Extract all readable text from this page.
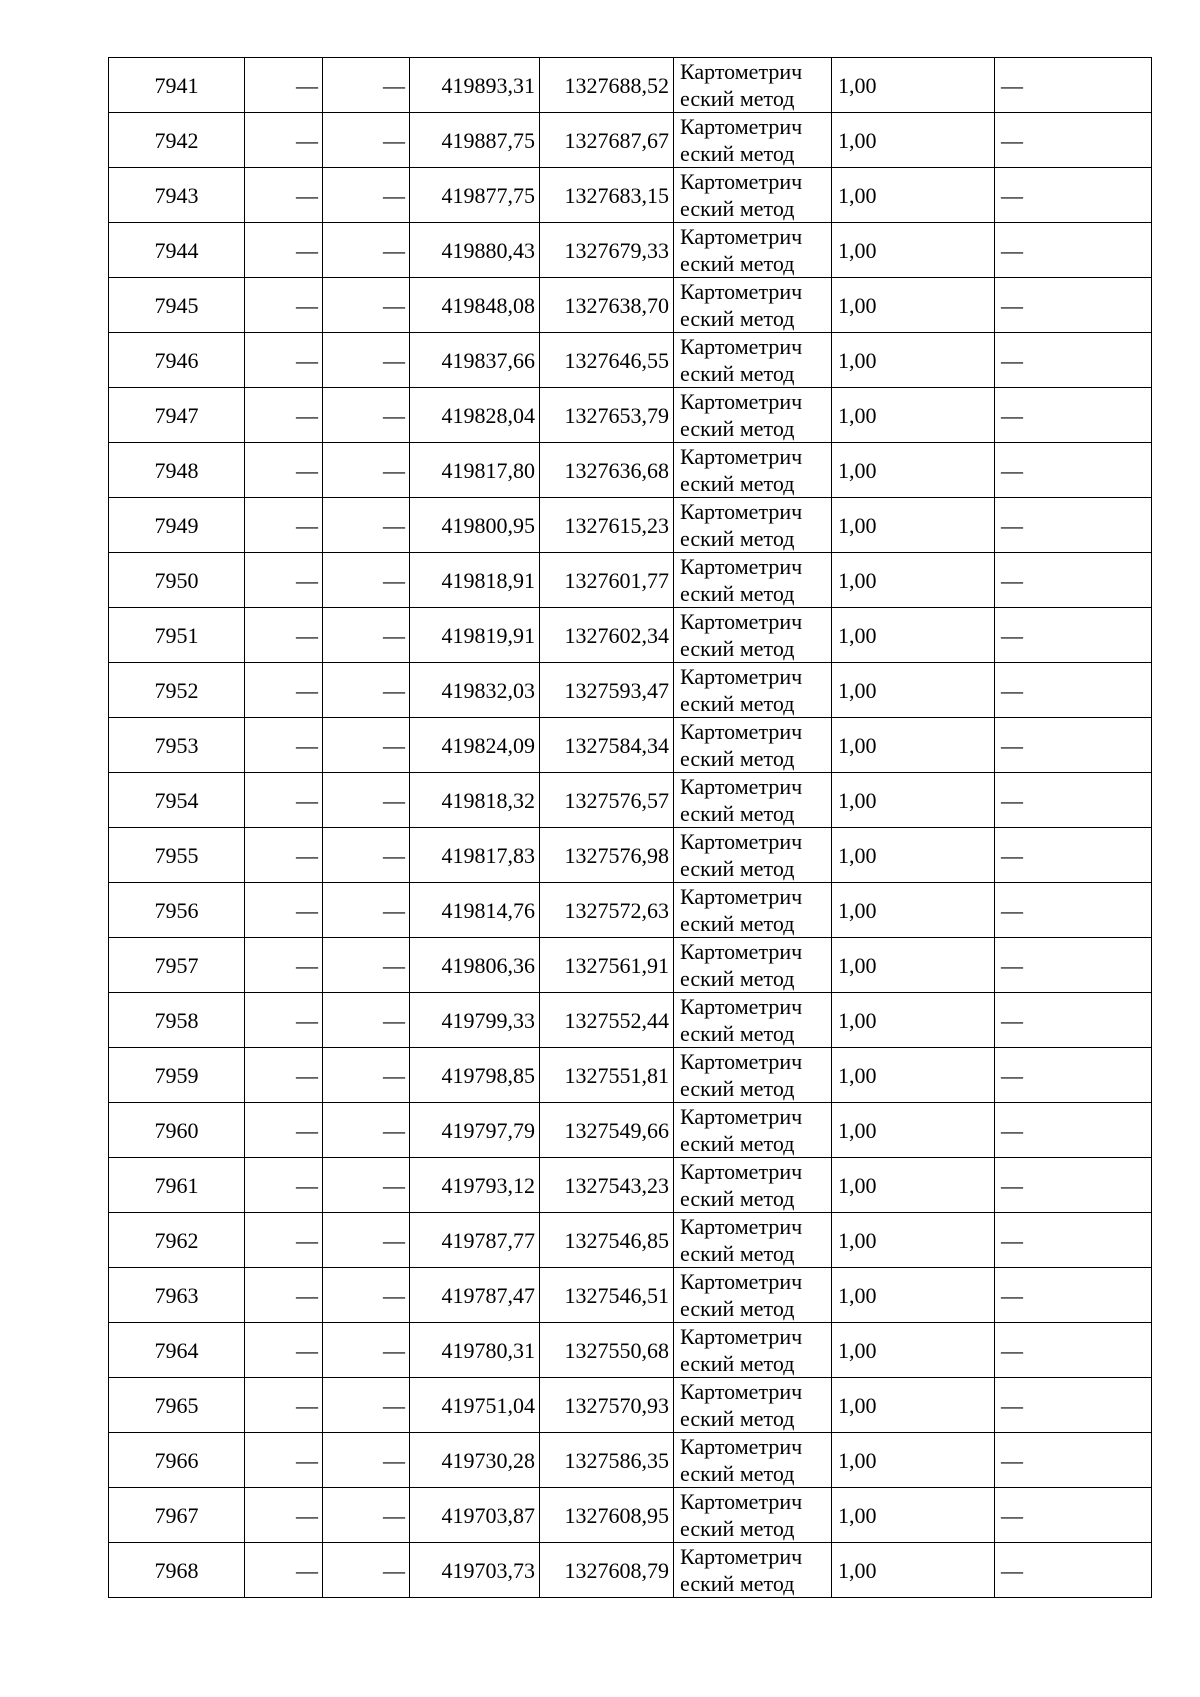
7941	—	—	419893,31	1327688,52	Картометрич
еский метод	1,00	—
7942	—	—	419887,75	1327687,67	Картометрич
еский метод	1,00	—
7943	—	—	419877,75	1327683,15	Картометрич
еский метод	1,00	—
7944	—	—	419880,43	1327679,33	Картометрич
еский метод	1,00	—
7945	—	—	419848,08	1327638,70	Картометрич
еский метод	1,00	—
7946	—	—	419837,66	1327646,55	Картометрич
еский метод	1,00	—
7947	—	—	419828,04	1327653,79	Картометрич
еский метод	1,00	—
7948	—	—	419817,80	1327636,68	Картометрич
еский метод	1,00	—
7949	—	—	419800,95	1327615,23	Картометрич
еский метод	1,00	—
7950	—	—	419818,91	1327601,77	Картометрич
еский метод	1,00	—
7951	—	—	419819,91	1327602,34	Картометрич
еский метод	1,00	—
7952	—	—	419832,03	1327593,47	Картометрич
еский метод	1,00	—
7953	—	—	419824,09	1327584,34	Картометрич
еский метод	1,00	—
7954	—	—	419818,32	1327576,57	Картометрич
еский метод	1,00	—
7955	—	—	419817,83	1327576,98	Картометрич
еский метод	1,00	—
7956	—	—	419814,76	1327572,63	Картометрич
еский метод	1,00	—
7957	—	—	419806,36	1327561,91	Картометрич
еский метод	1,00	—
7958	—	—	419799,33	1327552,44	Картометрич
еский метод	1,00	—
7959	—	—	419798,85	1327551,81	Картометрич
еский метод	1,00	—
7960	—	—	419797,79	1327549,66	Картометрич
еский метод	1,00	—
7961	—	—	419793,12	1327543,23	Картометрич
еский метод	1,00	—
7962	—	—	419787,77	1327546,85	Картометрич
еский метод	1,00	—
7963	—	—	419787,47	1327546,51	Картометрич
еский метод	1,00	—
7964	—	—	419780,31	1327550,68	Картометрич
еский метод	1,00	—
7965	—	—	419751,04	1327570,93	Картометрич
еский метод	1,00	—
7966	—	—	419730,28	1327586,35	Картометрич
еский метод	1,00	—
7967	—	—	419703,87	1327608,95	Картометрич
еский метод	1,00	—
7968	—	—	419703,73	1327608,79	Картометрич
еский метод	1,00	—
